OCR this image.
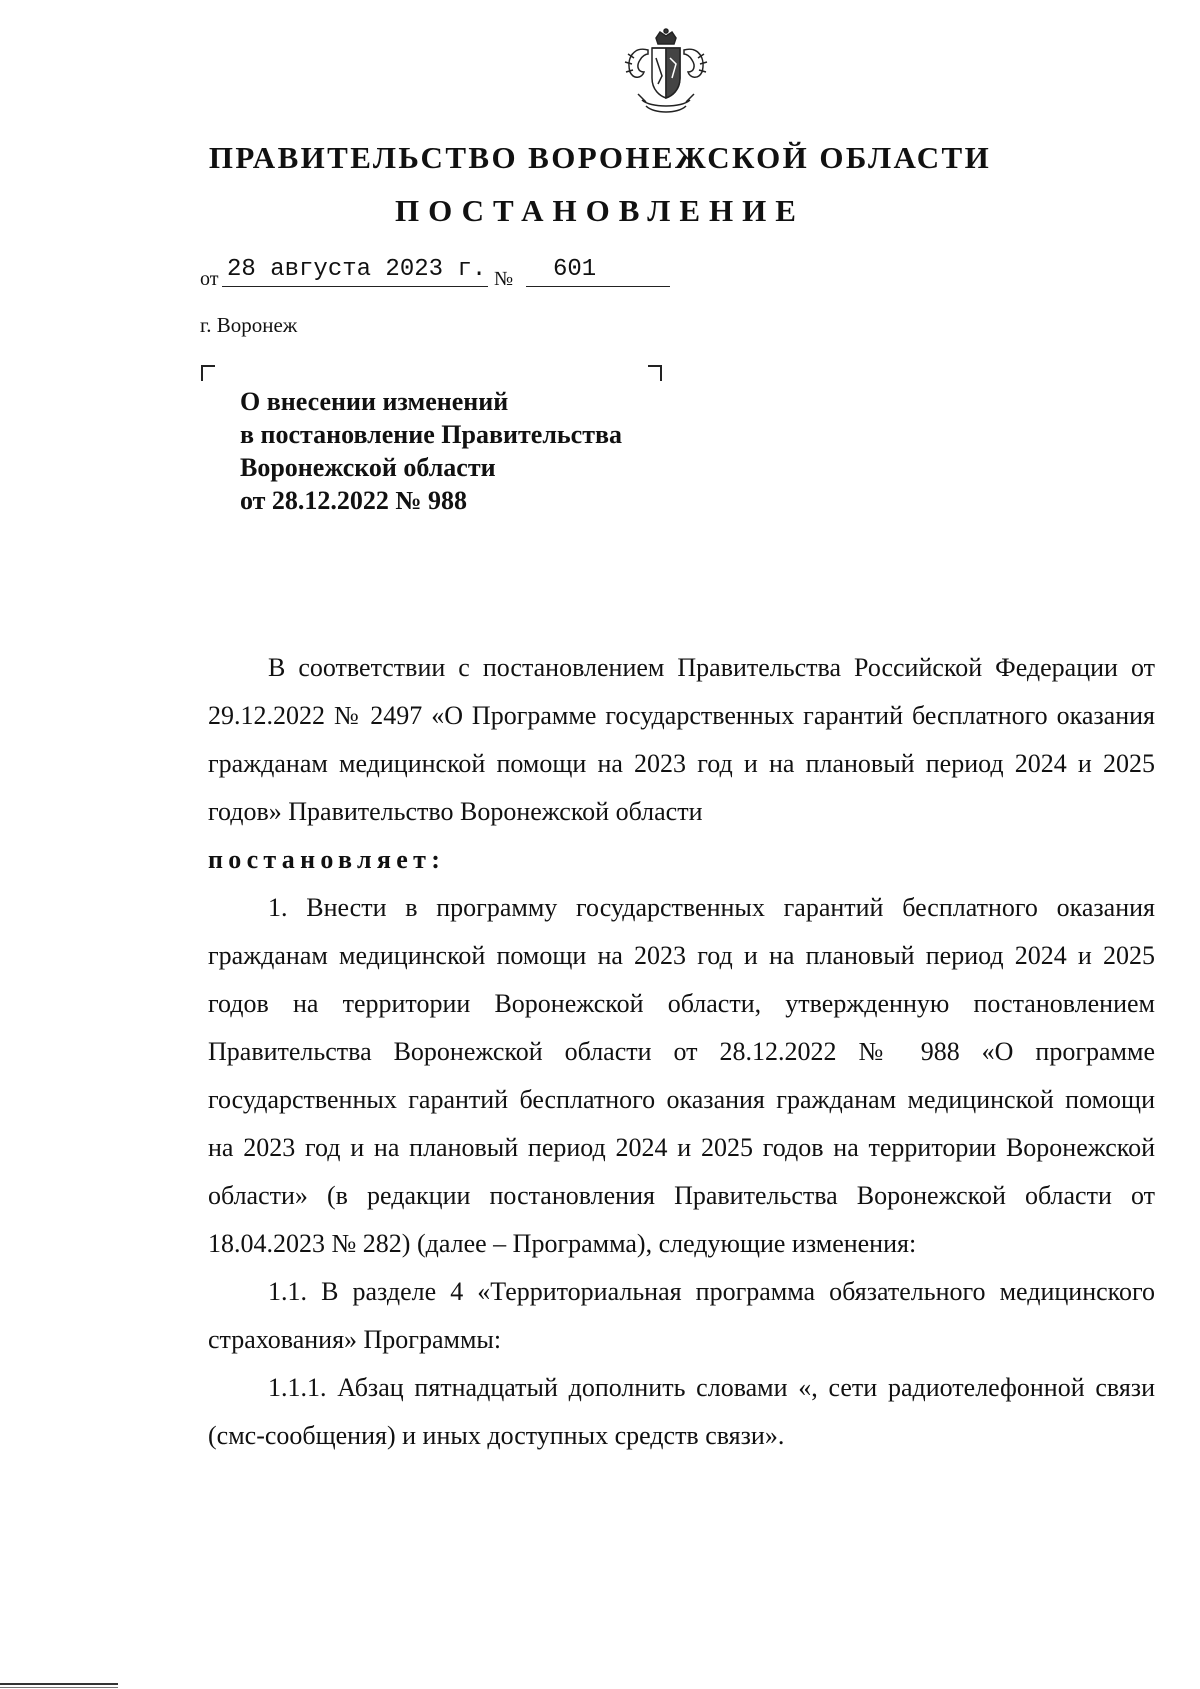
ПРАВИТЕЛЬСТВО ВОРОНЕЖСКОЙ ОБЛАСТИ
ПОСТАНОВЛЕНИЕ
от 28 августа 2023 г. № 601
г. Воронеж
О внесении изменений
в постановление Правительства
Воронежской области
от 28.12.2022 № 988

В соответствии с постановлением Правительства Российской Федерации от 29.12.2022 № 2497 «О Программе государственных гарантий бесплатного оказания гражданам медицинской помощи на 2023 год и на плановый период 2024 и 2025 годов» Правительство Воронежской области

постановляет:

1. Внести в программу государственных гарантий бесплатного оказания гражданам медицинской помощи на 2023 год и на плановый период 2024 и 2025 годов на территории Воронежской области, утвержденную постановлением Правительства Воронежской области от 28.12.2022 № 988 «О программе государственных гарантий бесплатного оказания гражданам медицинской помощи на 2023 год и на плановый период 2024 и 2025 годов на территории Воронежской области» (в редакции постановления Правительства Воронежской области от 18.04.2023 № 282) (далее – Программа), следующие изменения:

1.1. В разделе 4 «Территориальная программа обязательного медицинского страхования» Программы:

1.1.1. Абзац пятнадцатый дополнить словами «, сети радиотелефонной связи (смс-сообщения) и иных доступных средств связи».
